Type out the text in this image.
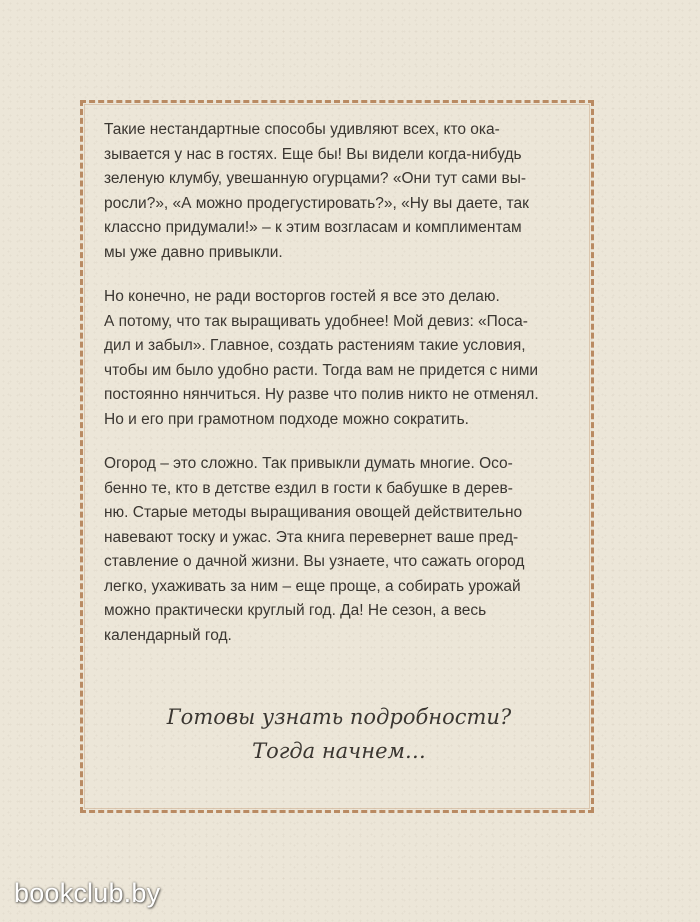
Такие нестандартные способы удивляют всех, кто ока-
зывается у нас в гостях. Еще бы! Вы видели когда-нибудь
зеленую клумбу, увешанную огурцами? «Они тут сами вы-
росли?», «А можно продегустировать?», «Ну вы даете, так
классно придумали!» – к этим возгласам и комплиментам
мы уже давно привыкли.

Но конечно, не ради восторгов гостей я все это делаю.
А потому, что так выращивать удобнее! Мой девиз: «Поса-
дил и забыл». Главное, создать растениям такие условия,
чтобы им было удобно расти. Тогда вам не придется с ними
постоянно нянчиться. Ну разве что полив никто не отменял.
Но и его при грамотном подходе можно сократить.

Огород – это сложно. Так привыкли думать многие. Осо-
бенно те, кто в детстве ездил в гости к бабушке в дерев-
ню. Старые методы выращивания овощей действительно
навевают тоску и ужас. Эта книга перевернет ваше пред-
ставление о дачной жизни. Вы узнаете, что сажать огород
легко, ухаживать за ним – еще проще, а собирать урожай
можно практически круглый год. Да! Не сезон, а весь
календарный год.

Готовы узнать подробности?
Тогда начнем…
bookclub.by
